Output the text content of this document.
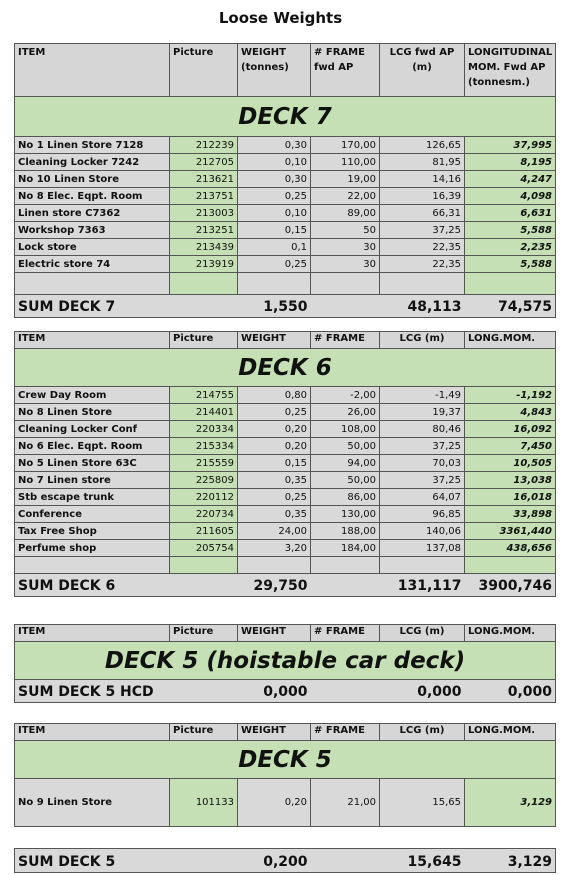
Loose Weights
ITEM	Picture	WEIGHT (tonnes)	# FRAME fwd AP	LCG fwd AP (m)	LONGITUDINAL MOM. Fwd AP (tonnesm.)
DECK 7					
No 1 Linen Store 7128	212239	0,30	170,00	126,65	37,995
Cleaning Locker 7242	212705	0,10	110,00	81,95	8,195
No 10 Linen Store	213621	0,30	19,00	14,16	4,247
No 8 Elec. Eqpt. Room	213751	0,25	22,00	16,39	4,098
Linen store C7362	213003	0,10	89,00	66,31	6,631
Workshop 7363	213251	0,15	50	37,25	5,588
Lock store	213439	0,1	30	22,35	2,235
Electric store 74	213919	0,25	30	22,35	5,588

SUM DECK 7		1,550		48,113	74,575
ITEM	Picture	WEIGHT	# FRAME	LCG (m)	LONG.MOM.
DECK 6					
Crew Day Room	214755	0,80	-2,00	-1,49	-1,192
No 8 Linen Store	214401	0,25	26,00	19,37	4,843
Cleaning Locker Conf	220334	0,20	108,00	80,46	16,092
No 6 Elec. Eqpt. Room	215334	0,20	50,00	37,25	7,450
No 5 Linen Store 63C	215559	0,15	94,00	70,03	10,505
No 7 Linen store	225809	0,35	50,00	37,25	13,038
Stb escape trunk	220112	0,25	86,00	64,07	16,018
Conference	220734	0,35	130,00	96,85	33,898
Tax Free Shop	211605	24,00	188,00	140,06	3361,440
Perfume shop	205754	3,20	184,00	137,08	438,656

SUM DECK 6		29,750		131,117	3900,746
ITEM	Picture	WEIGHT	# FRAME	LCG (m)	LONG.MOM.
DECK 5 (hoistable car deck)					
SUM DECK 5 HCD		0,000		0,000	0,000
ITEM	Picture	WEIGHT	# FRAME	LCG (m)	LONG.MOM.
DECK 5					
No 9 Linen Store	101133	0,20	21,00	15,65	3,129
SUM DECK 5		0,200		15,645	3,129
